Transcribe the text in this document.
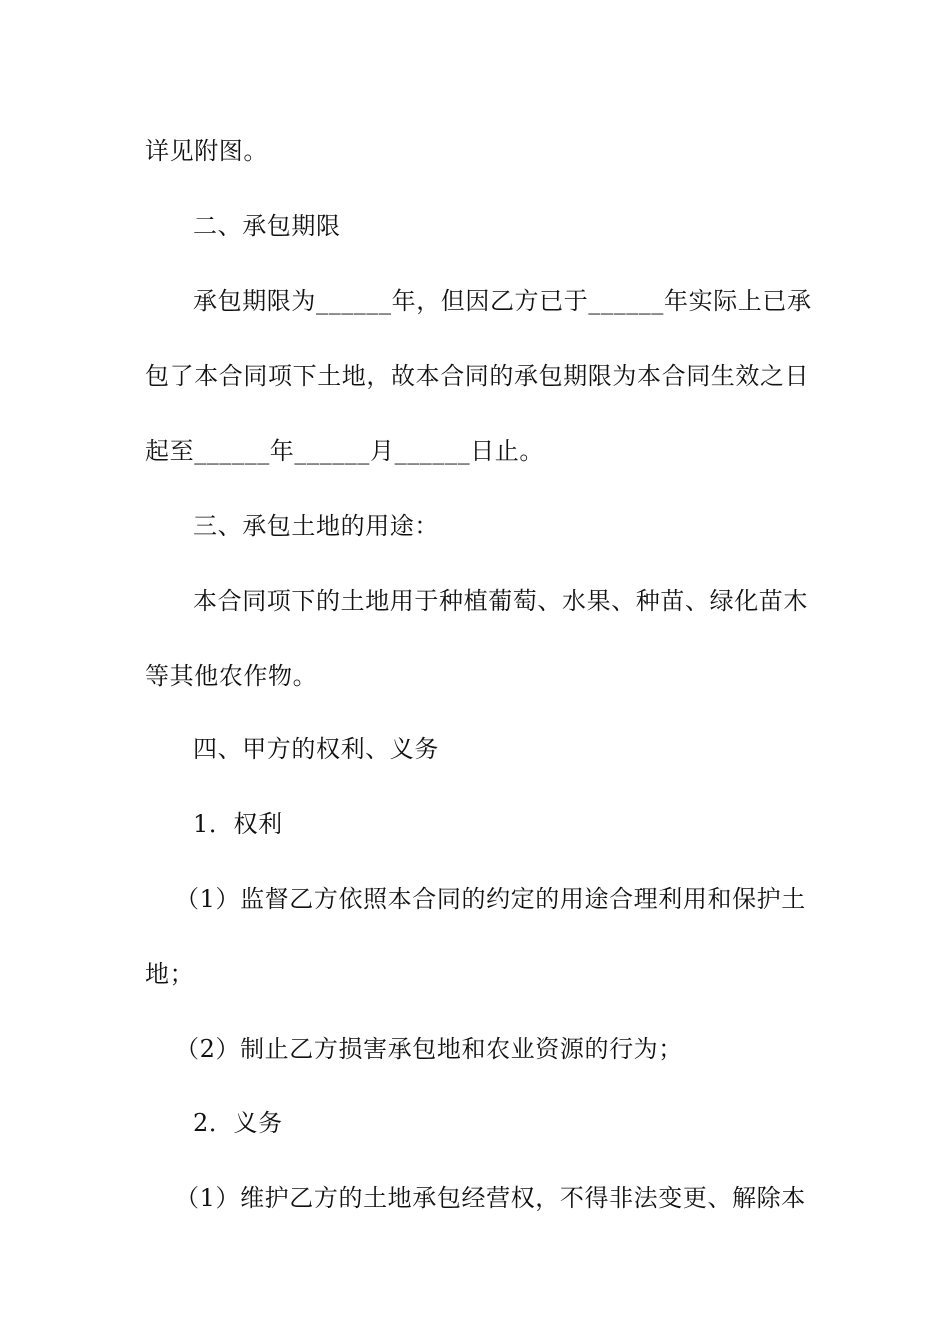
详见附图。
二、承包期限
承包期限为______年，但因乙方已于______年实际上已承
包了本合同项下土地，故本合同的承包期限为本合同生效之日
起至______年______月______日止。
三、承包土地的用途：
本合同项下的土地用于种植葡萄、水果、种苗、绿化苗木
等其他农作物。
四、甲方的权利、义务
1．权利
（1）监督乙方依照本合同的约定的用途合理利用和保护土
地；
（2）制止乙方损害承包地和农业资源的行为；
2．义务
（1）维护乙方的土地承包经营权，不得非法变更、解除本
